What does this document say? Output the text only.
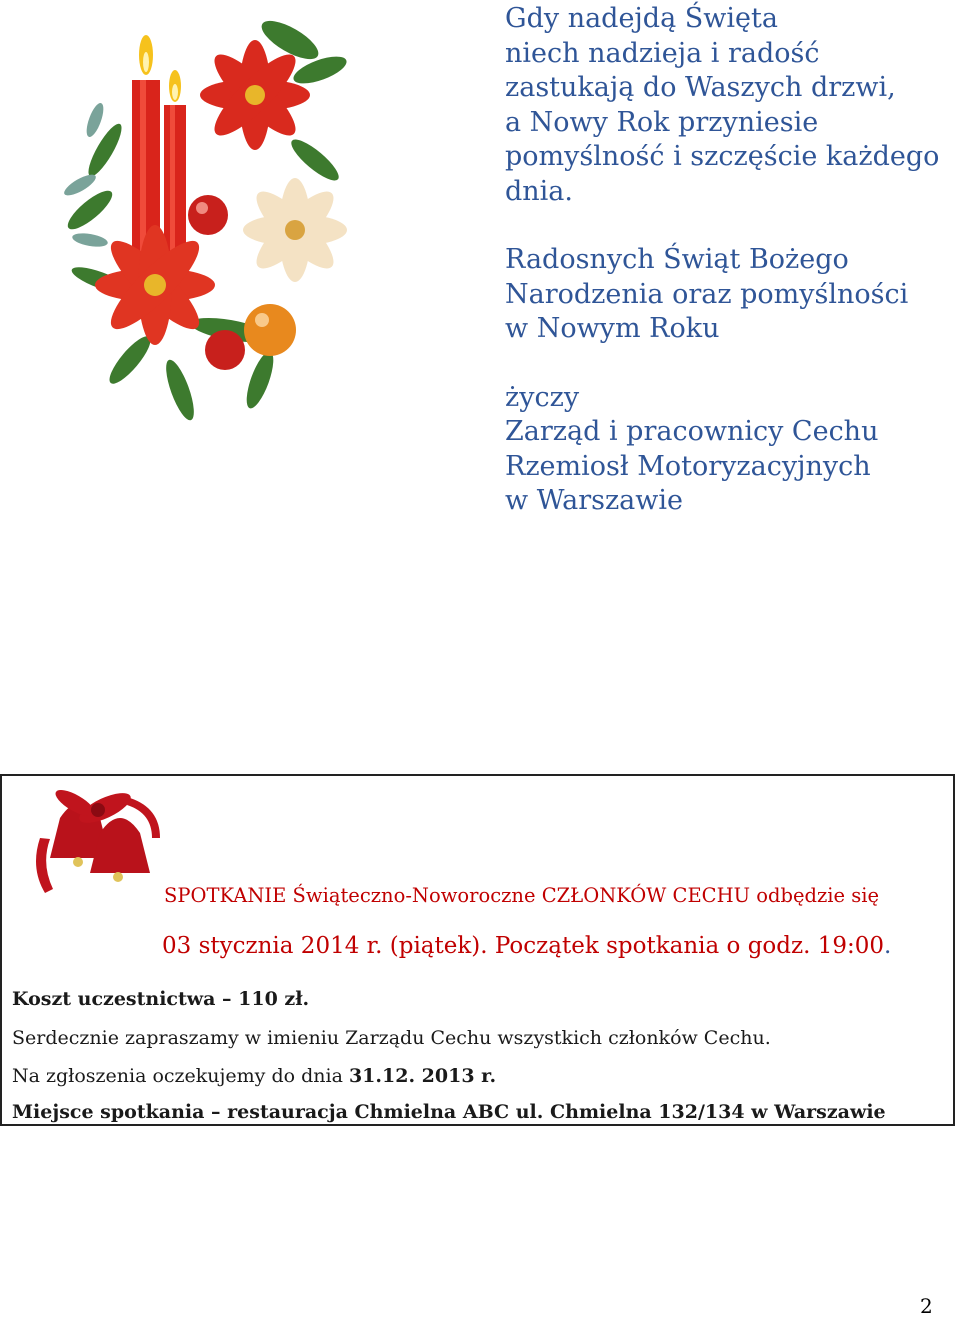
Gdy nadejdą Święta

niech nadzieja i radość

zastukają do Waszych drzwi,

a Nowy Rok przyniesie

pomyślność i szczęście każdego

dnia.

Radosnych Świąt Bożego

Narodzenia oraz pomyślności

w Nowym Roku

życzy

Zarząd i pracownicy Cechu

Rzemiosł Motoryzacyjnych

w Warszawie

SPOTKANIE Świąteczno-Noworoczne CZŁONKÓW CECHU odbędzie się
03 stycznia 2014 r. (piątek). Początek spotkania o godz. 19:00.
Koszt uczestnictwa – 110 zł.
Serdecznie zapraszamy w imieniu Zarządu Cechu wszystkich członków Cechu.
Na zgłoszenia oczekujemy do dnia 31.12. 2013 r.
Miejsce spotkania – restauracja Chmielna ABC ul. Chmielna 132/134 w Warszawie
2
